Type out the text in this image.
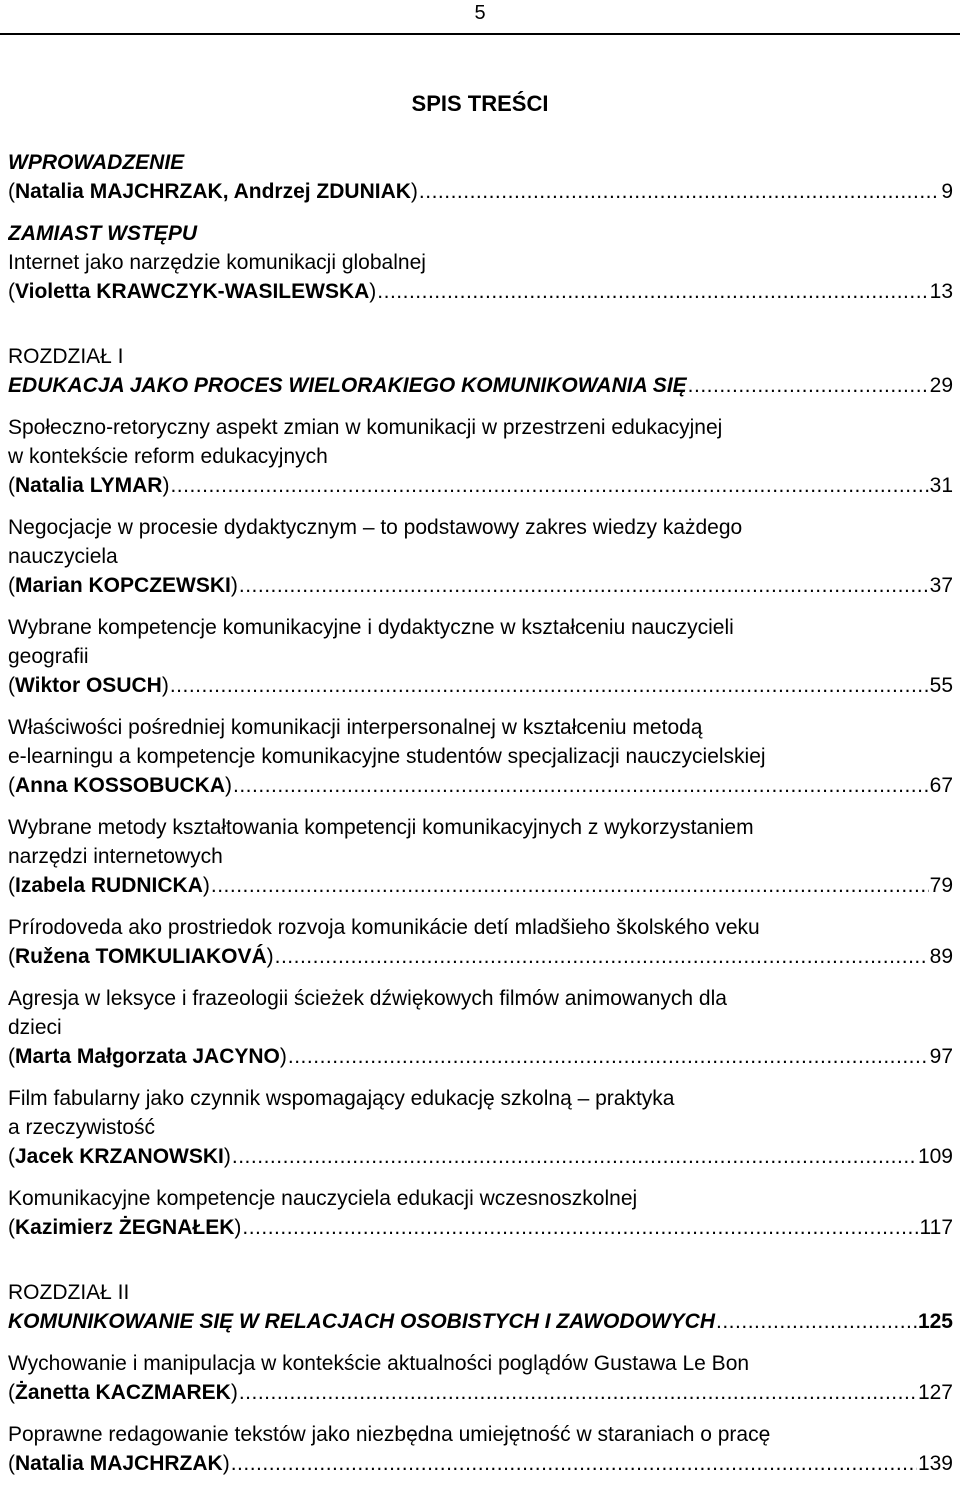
5
SPIS TREŚCI
WPROWADZENIE
(Natalia MAJCHRZAK, Andrzej ZDUNIAK) .....	9
ZAMIAST WSTĘPU
Internet jako narzędzie komunikacji globalnej
(Violetta KRAWCZYK-WASILEWSKA) .....	13
ROZDZIAŁ I
EDUKACJA JAKO PROCES WIELORAKIEGO KOMUNIKOWANIA SIĘ .....	29
Społeczno-retoryczny aspekt zmian w komunikacji w przestrzeni edukacyjnej
w kontekście reform edukacyjnych
(Natalia LYMAR) .....	31
Negocjacje w procesie dydaktycznym – to podstawowy zakres wiedzy każdego
nauczyciela
(Marian KOPCZEWSKI) .....	37
Wybrane kompetencje komunikacyjne i dydaktyczne w kształceniu nauczycieli
geografii
(Wiktor OSUCH) .....	55
Właściwości pośredniej komunikacji interpersonalnej w kształceniu metodą
e-learningu a kompetencje komunikacyjne studentów specjalizacji nauczycielskiej
(Anna KOSSOBUCKA) .....	67
Wybrane metody kształtowania kompetencji komunikacyjnych z wykorzystaniem
narzędzi internetowych
(Izabela RUDNICKA) .....	79
Prírodoveda ako prostriedok rozvoja komunikácie detí mladšieho školského veku
(Ružena TOMKULIAKOVÁ) .....	89
Agresja w leksyce i frazeologii ścieżek dźwiękowych filmów animowanych dla
dzieci
(Marta Małgorzata JACYNO) .....	97
Film fabularny jako czynnik wspomagający edukację szkolną – praktyka
a rzeczywistość
(Jacek KRZANOWSKI) .....	109
Komunikacyjne kompetencje nauczyciela edukacji wczesnoszkolnej
(Kazimierz ŻEGNAŁEK) .....	117
ROZDZIAŁ II
KOMUNIKOWANIE SIĘ W RELACJACH OSOBISTYCH I ZAWODOWYCH .....	125
Wychowanie i manipulacja w kontekście aktualności poglądów Gustawa Le Bon
(Żanetta KACZMAREK) .....	127
Poprawne redagowanie tekstów jako niezbędna umiejętność w staraniach o pracę
(Natalia MAJCHRZAK) .....	139
